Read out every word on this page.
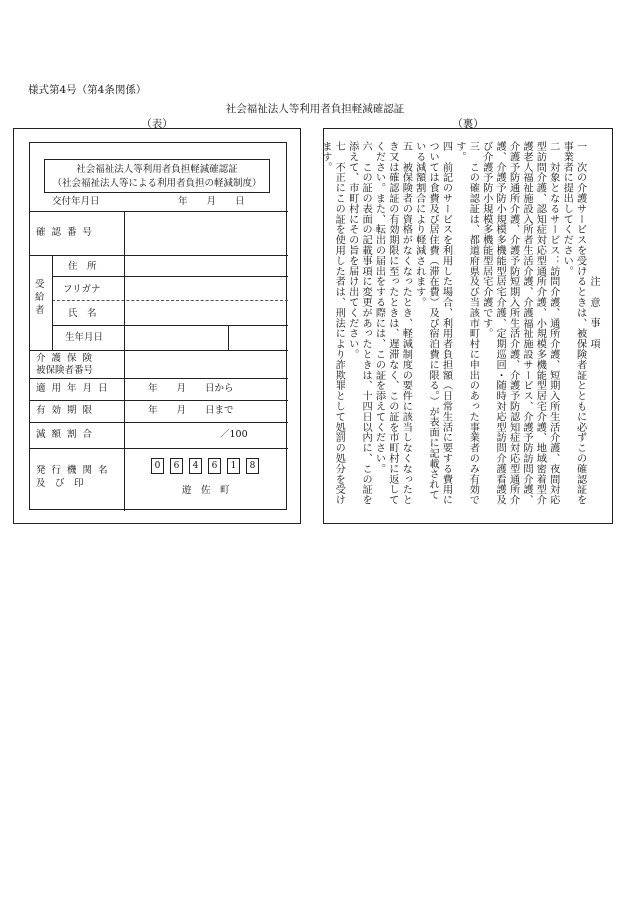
様式第4号（第4条関係）
社会福祉法人等利用者負担軽減確認証
（表）	（裏）
社会福祉法人等利用者負担軽減確認証
（社会福祉法人等による利用者負担の軽減制度）
交付年月日	年　　月　　日
確認番号
受給者
住　所
フリガナ
氏　名
生年月日
介護保険
被保険者番号
適用年月日	年　　月　　日から
有効期限	年　　月　　日まで
減額割合	／100
発行機関名
及　び　印
0	6	4	6	1	8
遊　佐　町

注　意　事　項

一　次の介護サービスを受けるときは、被保険者証とともに必ずこの確認証を事業者に提出してください。

二　対象となるサービス：訪問介護、通所介護、短期入所生活介護、夜間対応型訪問介護、認知症対応型通所介護、小規模多機能型居宅介護、地域密着型介護老人福祉施設入所者生活介護、介護福祉施設サービス、介護予防訪問介護、介護予防通所介護、介護予防短期入所生活介護、介護予防認知症対応型通所介護、介護予防小規模多機能型居宅介護、定期巡回・随時対応型訪問介護看護及び介護予防小規模多機能型居宅介護です。

三　この確認証は、都道府県及び当該市町村に申出のあった事業者のみ有効です。

四　前記のサービスを利用した場合、利用者負担額（日常生活に要する費用については食費及び居住費（滞在費）及び宿泊費に限る。）が表面に記載されている減額割合により軽減されます。

五　被保険者の資格がなくなったとき、軽減制度の要件に該当しなくなったとき又は確認証の有効期限に至ったときは、遅滞なく、この証を市町村に返してください。また、転出の届出をする際には、この証を添えてください。

六　この証の表面の記載事項に変更があったときは、十四日以内に、この証を添えて、市町村にその旨を届け出てください。

七　不正にこの証を使用した者は、刑法により詐欺罪として処罰の処分を受けます。
